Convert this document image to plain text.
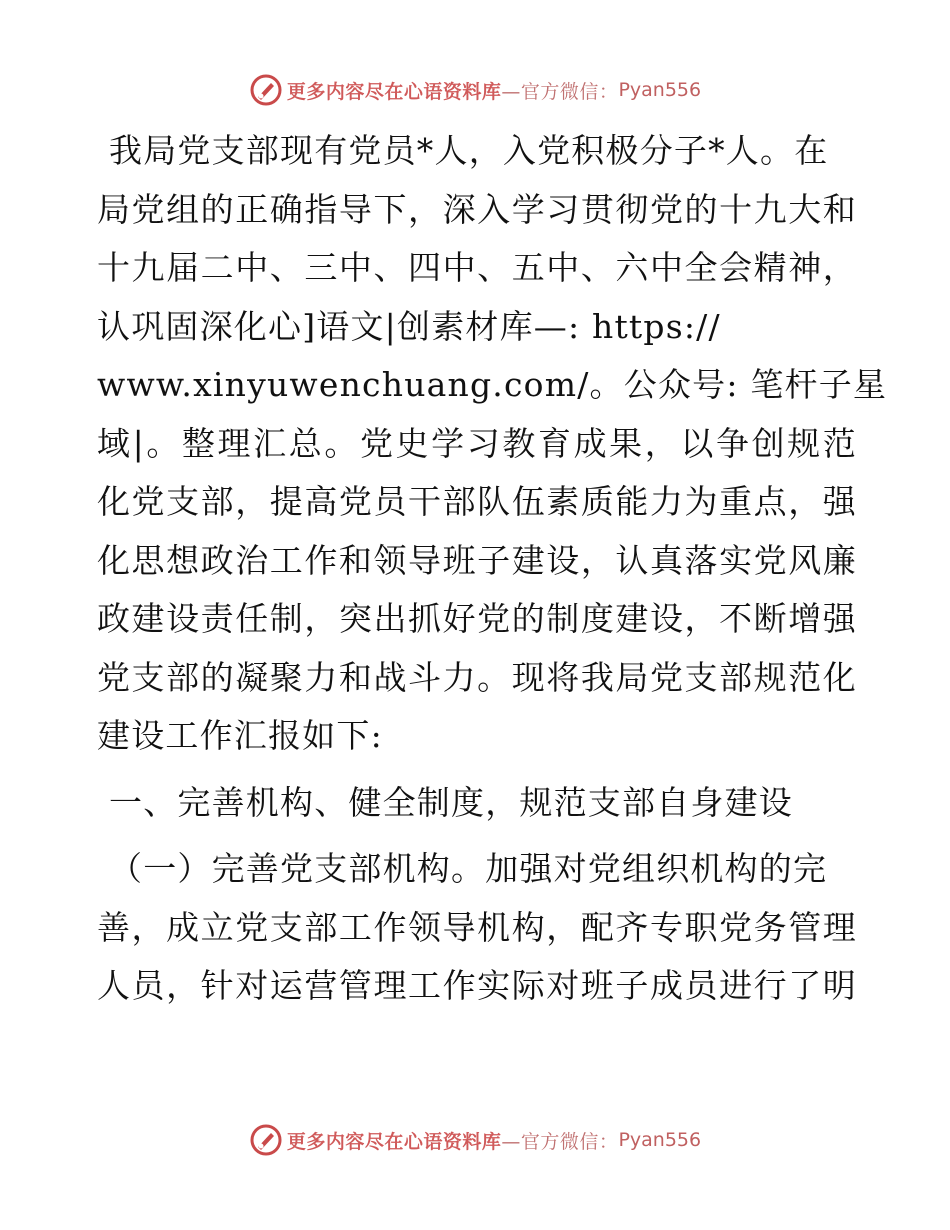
更多内容尽在心语资料库 —官方微信： Pyan556
我局党支部现有党员*人，入党积极分子*人。在
局党组的正确指导下，深入学习贯彻党的十九大和
十九届二中、三中、四中、五中、六中全会精神，
认巩固深化心]语文|创素材库—: https://
www.xinyuwenchuang.com/。公众号: 笔杆子星
域|。整理汇总。党史学习教育成果，以争创规范
化党支部，提高党员干部队伍素质能力为重点，强
化思想政治工作和领导班子建设，认真落实党风廉
政建设责任制，突出抓好党的制度建设，不断增强
党支部的凝聚力和战斗力。现将我局党支部规范化
建设工作汇报如下:
一、完善机构、健全制度，规范支部自身建设
（一）完善党支部机构。加强对党组织机构的完
善，成立党支部工作领导机构，配齐专职党务管理
人员，针对运营管理工作实际对班子成员进行了明
更多内容尽在心语资料库 —官方微信： Pyan556
